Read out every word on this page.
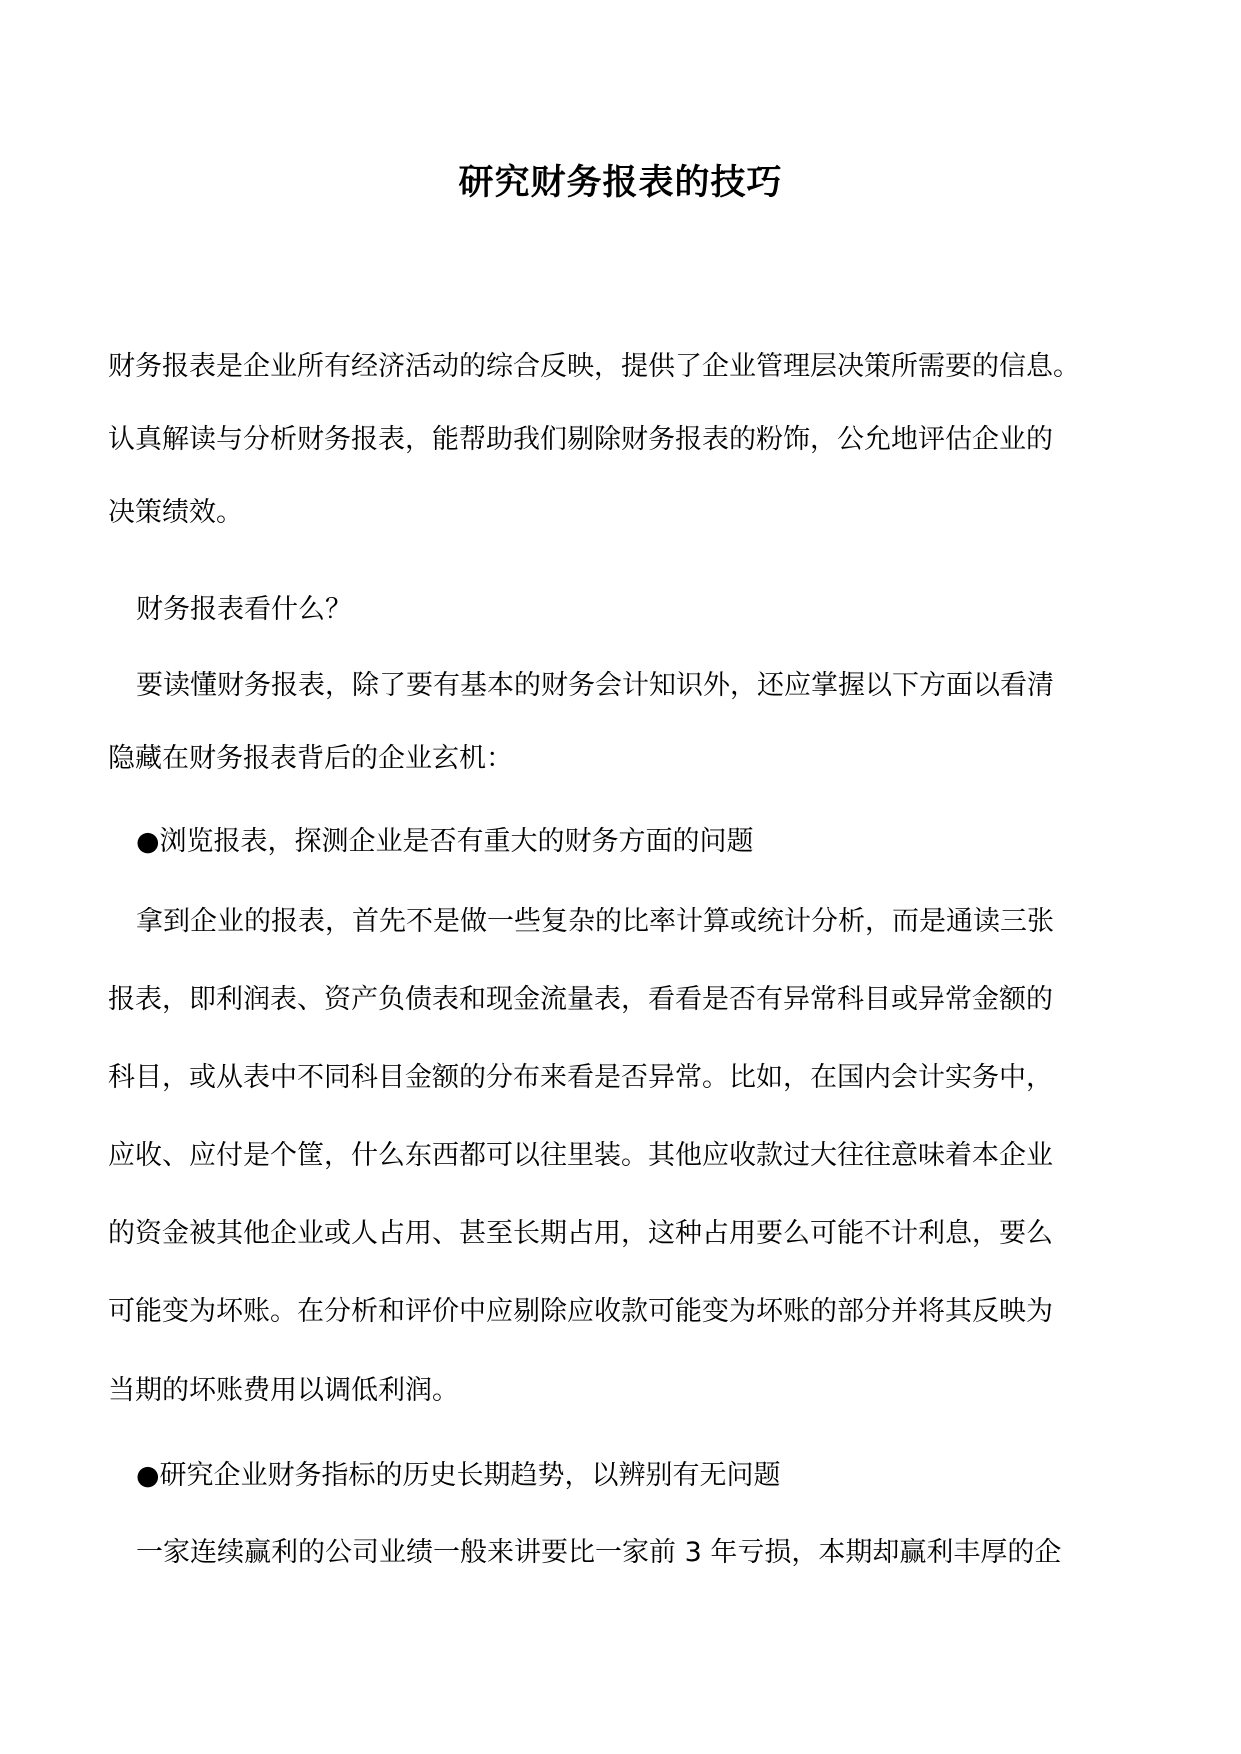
研究财务报表的技巧
财务报表是企业所有经济活动的综合反映，提供了企业管理层决策所需要的信息。
认真解读与分析财务报表，能帮助我们剔除财务报表的粉饰，公允地评估企业的
决策绩效。
财务报表看什么？
要读懂财务报表，除了要有基本的财务会计知识外，还应掌握以下方面以看清
隐藏在财务报表背后的企业玄机：
●浏览报表，探测企业是否有重大的财务方面的问题
拿到企业的报表，首先不是做一些复杂的比率计算或统计分析，而是通读三张
报表，即利润表、资产负债表和现金流量表，看看是否有异常科目或异常金额的
科目，或从表中不同科目金额的分布来看是否异常。比如，在国内会计实务中，
应收、应付是个筐，什么东西都可以往里装。其他应收款过大往往意味着本企业
的资金被其他企业或人占用、甚至长期占用，这种占用要么可能不计利息，要么
可能变为坏账。在分析和评价中应剔除应收款可能变为坏账的部分并将其反映为
当期的坏账费用以调低利润。
●研究企业财务指标的历史长期趋势，以辨别有无问题
一家连续赢利的公司业绩一般来讲要比一家前 3 年亏损，本期却赢利丰厚的企
